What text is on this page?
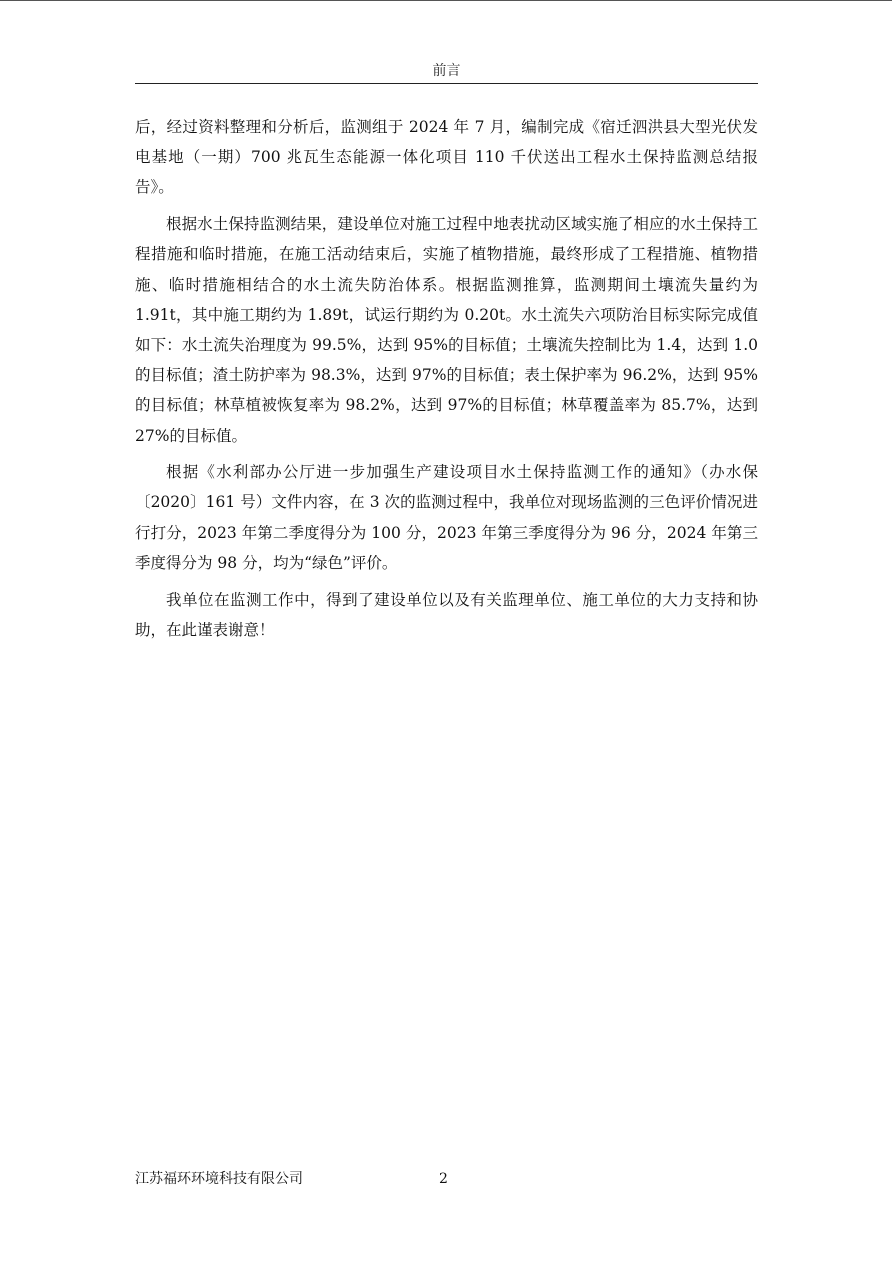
前言

后，经过资料整理和分析后，监测组于 2024 年 7 月，编制完成《宿迁泗洪县大型光伏发电基地（一期）700 兆瓦生态能源一体化项目 110 千伏送出工程水土保持监测总结报告》。

根据水土保持监测结果，建设单位对施工过程中地表扰动区域实施了相应的水土保持工程措施和临时措施，在施工活动结束后，实施了植物措施，最终形成了工程措施、植物措施、临时措施相结合的水土流失防治体系。根据监测推算，监测期间土壤流失量约为 1.91t，其中施工期约为 1.89t，试运行期约为 0.20t。水土流失六项防治目标实际完成值如下：水土流失治理度为 99.5%，达到 95%的目标值；土壤流失控制比为 1.4，达到 1.0 的目标值；渣土防护率为 98.3%，达到 97%的目标值；表土保护率为 96.2%，达到 95%的目标值；林草植被恢复率为 98.2%，达到 97%的目标值；林草覆盖率为 85.7%，达到 27%的目标值。

根据《水利部办公厅进一步加强生产建设项目水土保持监测工作的通知》（办水保〔2020〕161 号）文件内容，在 3 次的监测过程中，我单位对现场监测的三色评价情况进行打分，2023 年第二季度得分为 100 分，2023 年第三季度得分为 96 分，2024 年第三季度得分为 98 分，均为“绿色”评价。

我单位在监测工作中，得到了建设单位以及有关监理单位、施工单位的大力支持和协助，在此谨表谢意！

江苏福环环境科技有限公司	2
